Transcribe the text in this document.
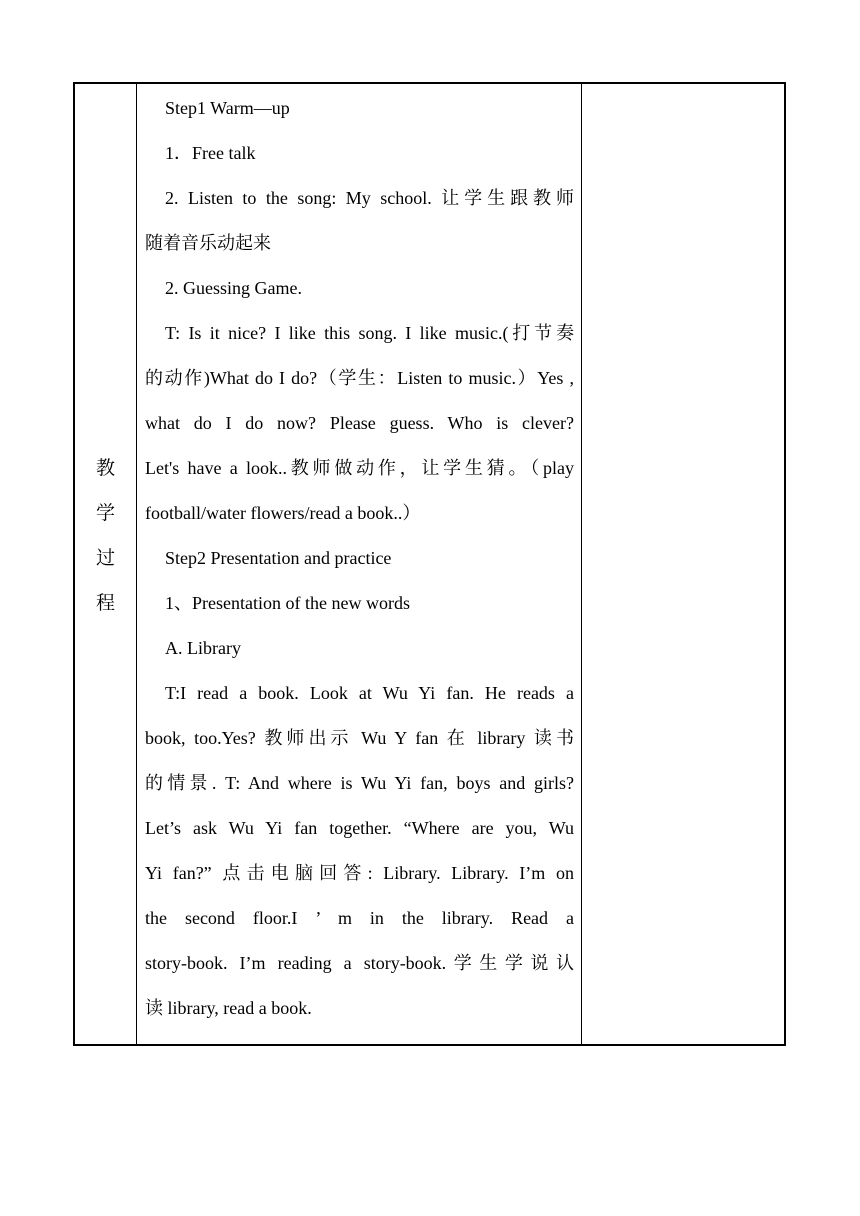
教
学
过
程
Step1 Warm—up
1．Free talk
2. Listen to the song: My school. 让学生跟教师
随着音乐动起来
2. Guessing Game.
T: Is it nice? I like this song. I like music.(打节奏
的动作)What do I do?（学生：Listen to music.）Yes ,
what do I do now? Please guess. Who is clever?
Let's have a look..教师做动作，让学生猜。（play
football/water flowers/read a book..）
Step2 Presentation and practice
1、Presentation of the new words
A. Library
T:I read a book. Look at Wu Yi fan. He reads a
book, too.Yes? 教师出示 Wu Y fan 在 library 读书
的情景. T: And where is Wu Yi fan, boys and girls?
Let’s ask Wu Yi fan together. “Where are you, Wu
Yi fan?” 点击电脑回答: Library. Library. I’m on
the second floor.I ’ m in the library. Read a
story-book. I’m reading a story-book.学生学说认
读 library, read a book.
